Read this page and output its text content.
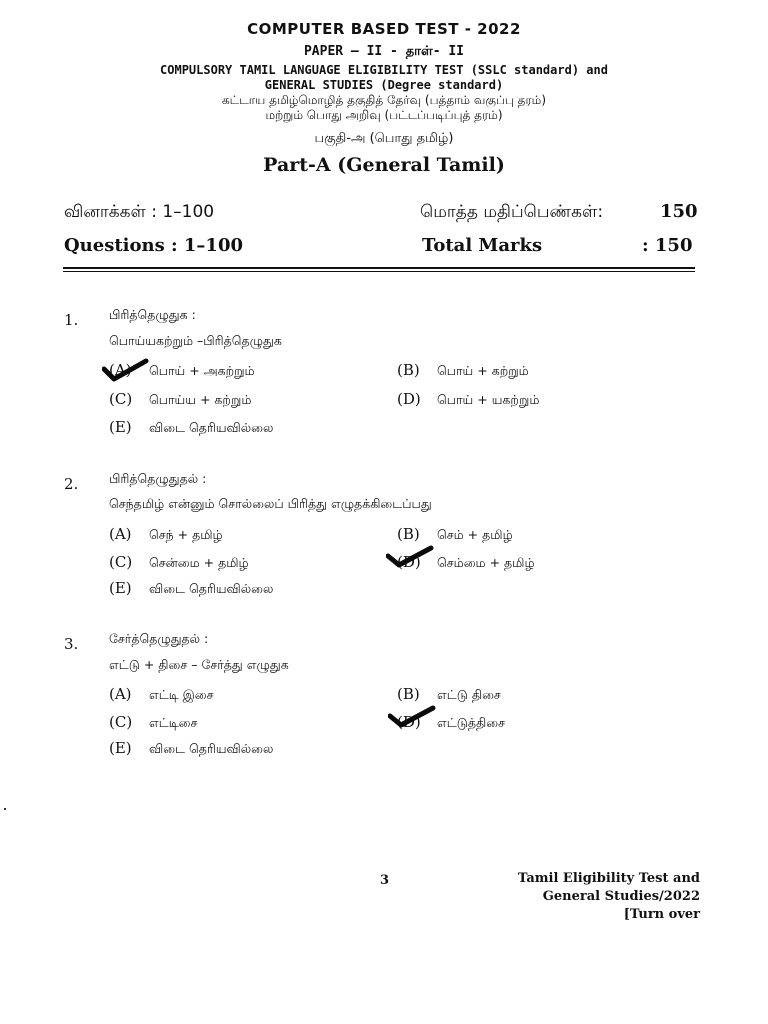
COMPUTER BASED TEST - 2022
PAPER – II - தாள்- II
COMPULSORY TAMIL LANGUAGE ELIGIBILITY TEST (SSLC standard) and
GENERAL STUDIES (Degree standard)
கட்டாய தமிழ்மொழித் தகுதித் தேர்வு (பத்தாம் வகுப்பு தரம்)
மற்றும் பொது அறிவு (பட்டப்படிப்புத் தரம்)
பகுதி-அ (பொது தமிழ்)
Part-A (General Tamil)
வினாக்கள் : 1–100	மொத்த மதிப்பெண்கள்:	150
Questions : 1–100	Total Marks	: 150
1. பிரித்தெழுதுக :
பொய்யகற்றும் –பிரித்தெழுதுக
(A) பொய் + அகற்றும்	(B) பொய் + கற்றும்
(C) பொய்ய + கற்றும்	(D) பொய் + யகற்றும்
(E) விடை தெரியவில்லை
2. பிரித்தெழுதுதல் :
செந்தமிழ் என்னும் சொல்லைப் பிரித்து எழுதக்கிடைப்பது
(A) செந் + தமிழ்	(B) செம் + தமிழ்
(C) சென்மை + தமிழ்	(D) செம்மை + தமிழ்
(E) விடை தெரியவில்லை
3. சேர்த்தெழுதுதல் :
எட்டு + திசை – சேர்த்து எழுதுக
(A) எட்டி இசை	(B) எட்டு திசை
(C) எட்டிசை	(D) எட்டுத்திசை
(E) விடை தெரியவில்லை
3	Tamil Eligibility Test and
General Studies/2022
[Turn over
